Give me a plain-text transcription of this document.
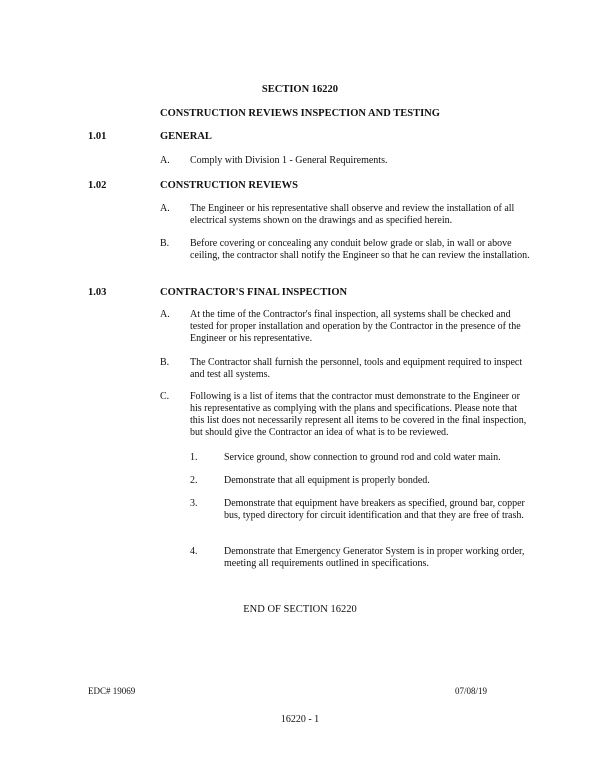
SECTION 16220
CONSTRUCTION REVIEWS INSPECTION AND TESTING
1.01	GENERAL
A. Comply with Division 1 - General Requirements.
1.02	CONSTRUCTION REVIEWS
A. The Engineer or his representative shall observe and review the installation of all electrical systems shown on the drawings and as specified herein.
B. Before covering or concealing any conduit below grade or slab, in wall or above ceiling, the contractor shall notify the Engineer so that he can review the installation.
1.03	CONTRACTOR'S FINAL INSPECTION
A. At the time of the Contractor's final inspection, all systems shall be checked and tested for proper installation and operation by the Contractor in the presence of the Engineer or his representative.
B. The Contractor shall furnish the personnel, tools and equipment required to inspect and test all systems.
C. Following is a list of items that the contractor must demonstrate to the Engineer or his representative as complying with the plans and specifications. Please note that this list does not necessarily represent all items to be covered in the final inspection, but should give the Contractor an idea of what is to be reviewed.
1.	Service ground, show connection to ground rod and cold water main.
2.	Demonstrate that all equipment is properly bonded.
3.	Demonstrate that equipment have breakers as specified, ground bar, copper bus, typed directory for circuit identification and that they are free of trash.
4.	Demonstrate that Emergency Generator System is in proper working order, meeting all requirements outlined in specifications.
END OF SECTION 16220
EDC# 19069	07/08/19
16220 - 1
